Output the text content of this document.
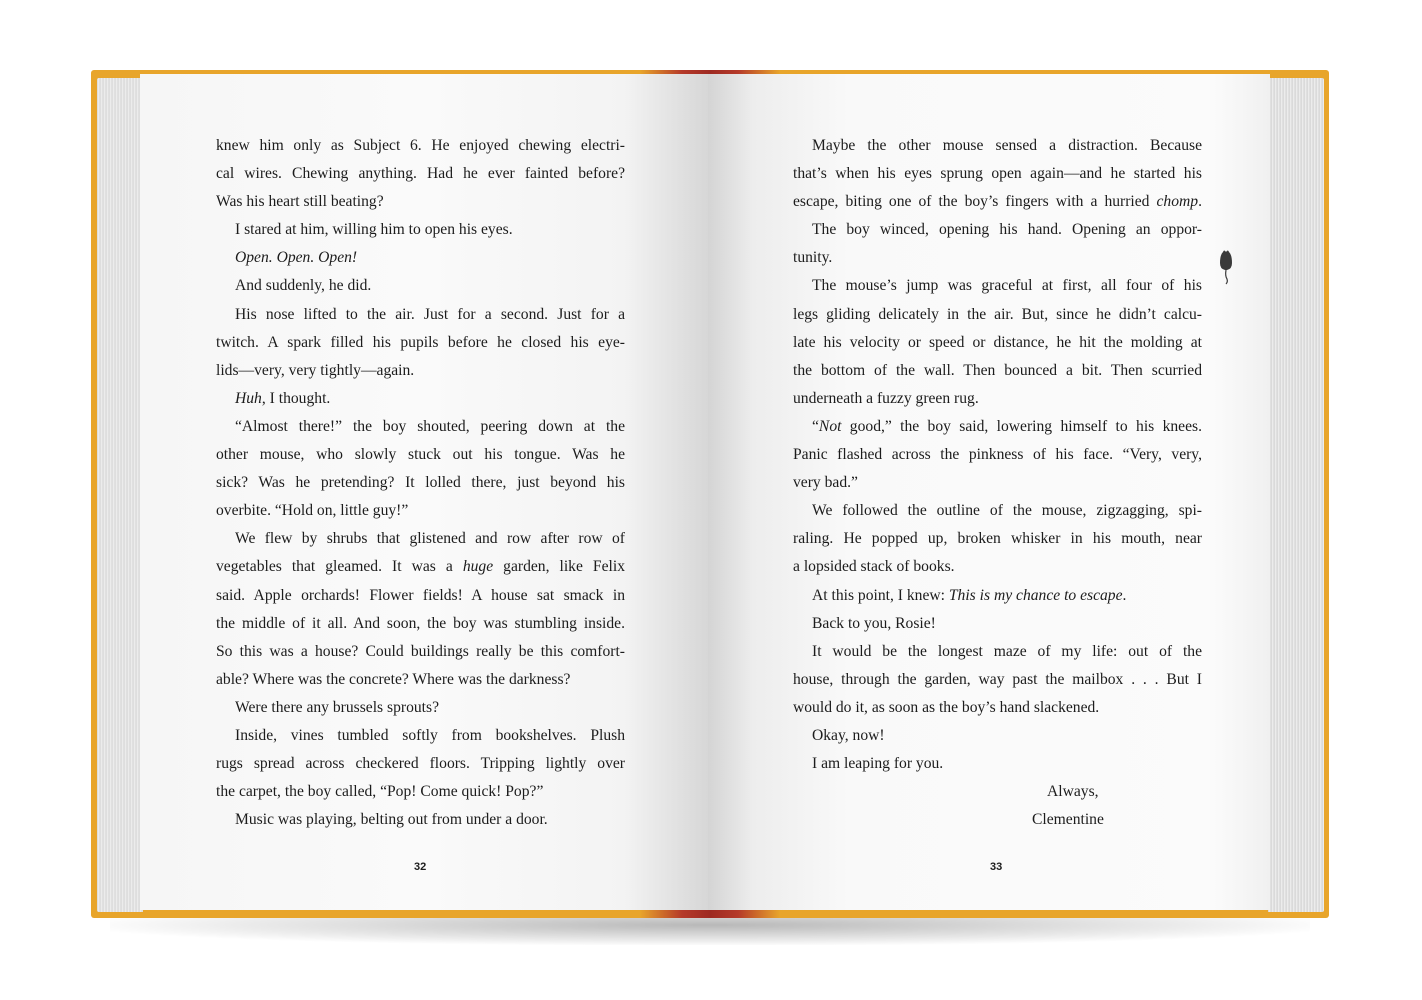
knew him only as Subject 6. He enjoyed chewing electri-
cal wires. Chewing anything. Had he ever fainted before?
Was his heart still beating?
I stared at him, willing him to open his eyes.
Open. Open. Open!
And suddenly, he did.
His nose lifted to the air. Just for a second. Just for a
twitch. A spark filled his pupils before he closed his eye-
lids—very, very tightly—again.
Huh, I thought.
“Almost there!” the boy shouted, peering down at the
other mouse, who slowly stuck out his tongue. Was he
sick? Was he pretending? It lolled there, just beyond his
overbite. “Hold on, little guy!”
We flew by shrubs that glistened and row after row of
vegetables that gleamed. It was a huge garden, like Felix
said. Apple orchards! Flower fields! A house sat smack in
the middle of it all. And soon, the boy was stumbling inside.
So this was a house? Could buildings really be this comfort-
able? Where was the concrete? Where was the darkness?
Were there any brussels sprouts?
Inside, vines tumbled softly from bookshelves. Plush
rugs spread across checkered floors. Tripping lightly over
the carpet, the boy called, “Pop! Come quick! Pop?”
Music was playing, belting out from under a door.
32
Maybe the other mouse sensed a distraction. Because
that’s when his eyes sprung open again—and he started his
escape, biting one of the boy’s fingers with a hurried chomp.
The boy winced, opening his hand. Opening an oppor-
tunity.
The mouse’s jump was graceful at first, all four of his
legs gliding delicately in the air. But, since he didn’t calcu-
late his velocity or speed or distance, he hit the molding at
the bottom of the wall. Then bounced a bit. Then scurried
underneath a fuzzy green rug.
“Not good,” the boy said, lowering himself to his knees.
Panic flashed across the pinkness of his face. “Very, very,
very bad.”
We followed the outline of the mouse, zigzagging, spi-
raling. He popped up, broken whisker in his mouth, near
a lopsided stack of books.
At this point, I knew: This is my chance to escape.
Back to you, Rosie!
It would be the longest maze of my life: out of the
house, through the garden, way past the mailbox . . . But I
would do it, as soon as the boy’s hand slackened.
Okay, now!
I am leaping for you.
Always,
Clementine
33
